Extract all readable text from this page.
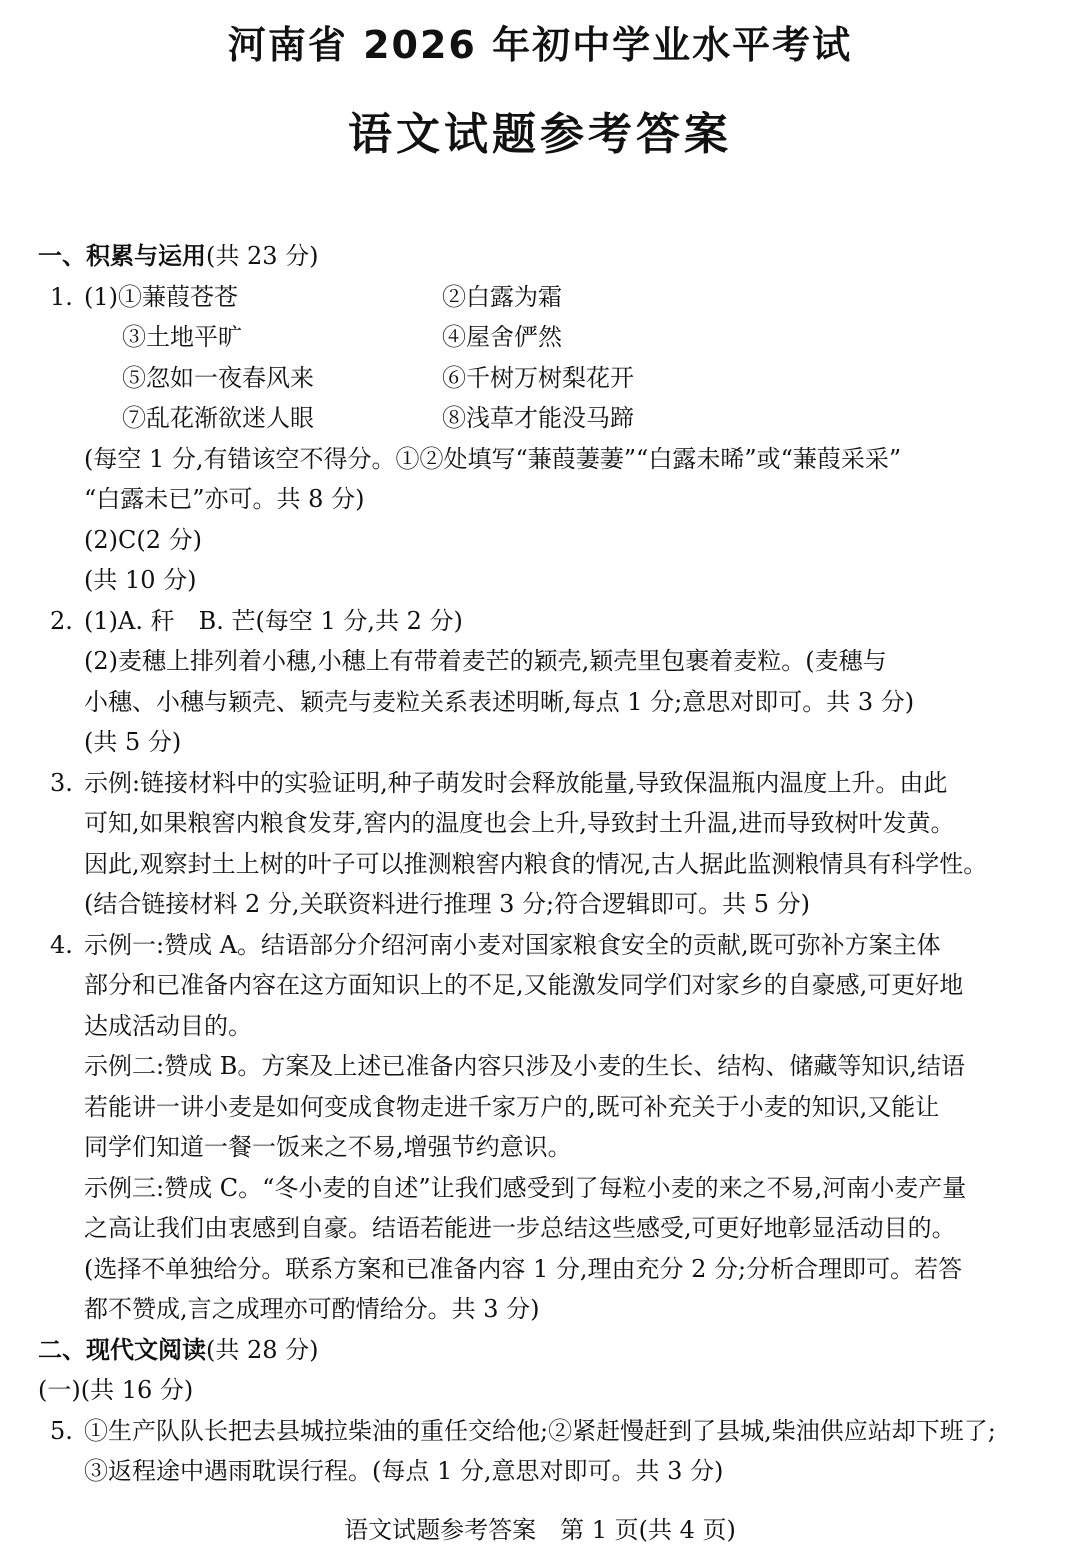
河南省 2026 年初中学业水平考试
语文试题参考答案
一、积累与运用(共 23 分)
1. (1)①蒹葭苍苍	②白露为霜
③土地平旷	④屋舍俨然
⑤忽如一夜春风来	⑥千树万树梨花开
⑦乱花渐欲迷人眼	⑧浅草才能没马蹄
(每空 1 分,有错该空不得分。①②处填写“蒹葭萋萋”“白露未晞”或“蒹葭采采”
“白露未已”亦可。共 8 分)
(2)C(2 分)
(共 10 分)
2. (1)A. 秆　B. 芒(每空 1 分,共 2 分)
(2)麦穗上排列着小穗,小穗上有带着麦芒的颖壳,颖壳里包裹着麦粒。(麦穗与
小穗、小穗与颖壳、颖壳与麦粒关系表述明晰,每点 1 分;意思对即可。共 3 分)
(共 5 分)
3. 示例:链接材料中的实验证明,种子萌发时会释放能量,导致保温瓶内温度上升。由此
可知,如果粮窖内粮食发芽,窖内的温度也会上升,导致封土升温,进而导致树叶发黄。
因此,观察封土上树的叶子可以推测粮窖内粮食的情况,古人据此监测粮情具有科学性。
(结合链接材料 2 分,关联资料进行推理 3 分;符合逻辑即可。共 5 分)
4. 示例一:赞成 A。结语部分介绍河南小麦对国家粮食安全的贡献,既可弥补方案主体
部分和已准备内容在这方面知识上的不足,又能激发同学们对家乡的自豪感,可更好地
达成活动目的。
示例二:赞成 B。方案及上述已准备内容只涉及小麦的生长、结构、储藏等知识,结语
若能讲一讲小麦是如何变成食物走进千家万户的,既可补充关于小麦的知识,又能让
同学们知道一餐一饭来之不易,增强节约意识。
示例三:赞成 C。“冬小麦的自述”让我们感受到了每粒小麦的来之不易,河南小麦产量
之高让我们由衷感到自豪。结语若能进一步总结这些感受,可更好地彰显活动目的。
(选择不单独给分。联系方案和已准备内容 1 分,理由充分 2 分;分析合理即可。若答
都不赞成,言之成理亦可酌情给分。共 3 分)
二、现代文阅读(共 28 分)
(一)(共 16 分)
5. ①生产队队长把去县城拉柴油的重任交给他;②紧赶慢赶到了县城,柴油供应站却下班了;
③返程途中遇雨耽误行程。(每点 1 分,意思对即可。共 3 分)
语文试题参考答案　第 1 页(共 4 页)
